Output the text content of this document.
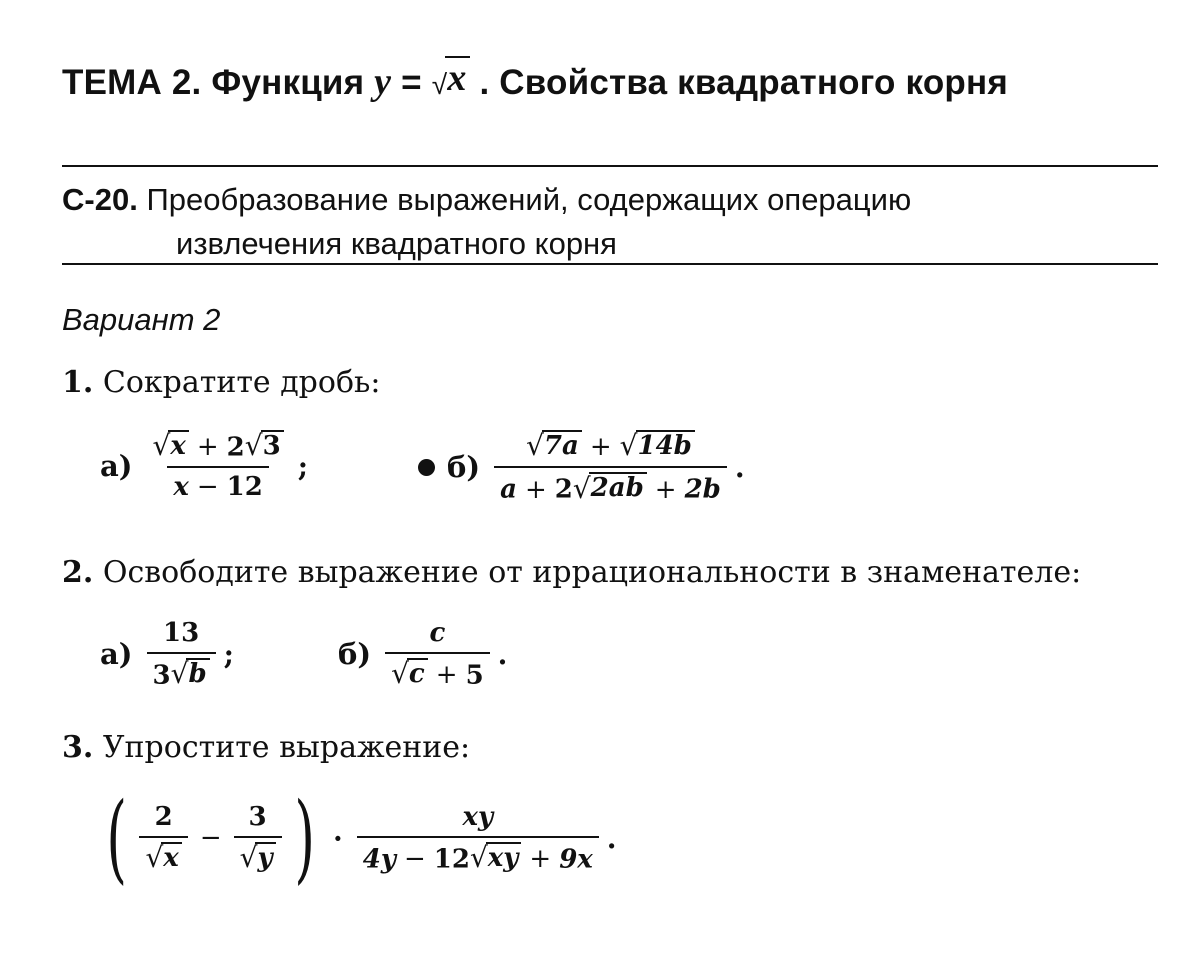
ТЕМА 2. Функция y = √ x . Свойства квадратного корня
С-20. Преобразование выражений, содержащих операцию
извлечения квадратного корня
Вариант 2
1. Сократите дробь:
$а) \frac{√ x + 2 √ 3}{x - 12}$ ;	$б) \frac{√ 7a + √ 14b}{a + 2 √ 2ab + 2b}$ .
2. Освободите выражение от иррациональности в знаменателе:
$а) \frac{13}{3 √ b}$ ;	$б) \frac{c}{√ c + 5}$ .
3. Упростите выражение:
( $\frac{2}{√ x} - \frac{3}{√ y}$ ) · $\frac{xy}{4y - 12 √ xy + 9x}$ .
